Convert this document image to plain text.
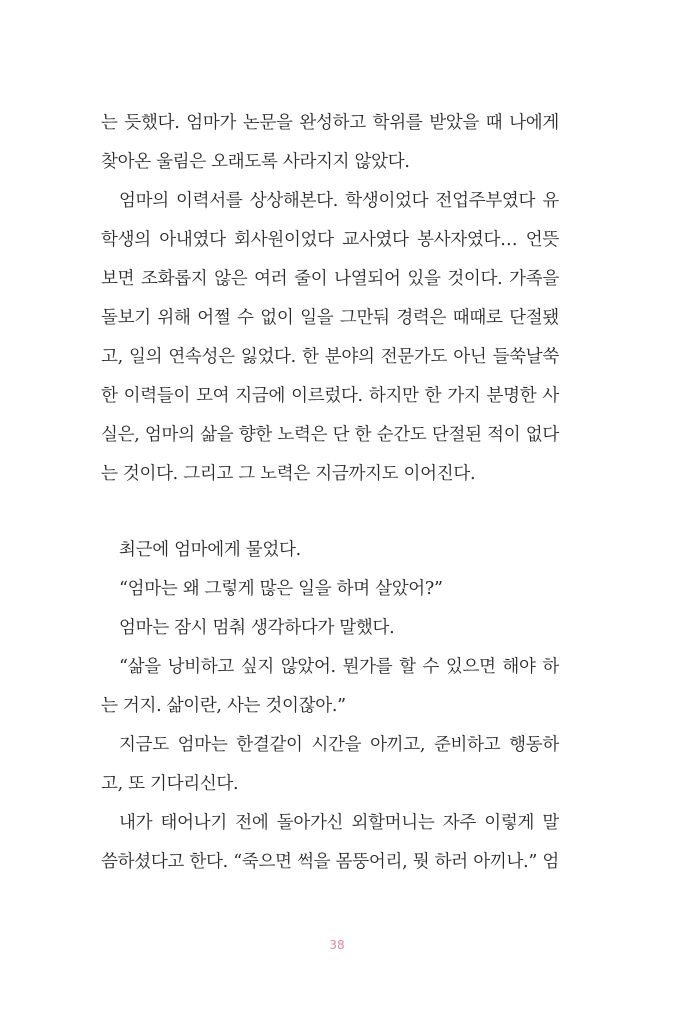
는 듯했다. 엄마가 논문을 완성하고 학위를 받았을 때 나에게
찾아온 울림은 오래도록 사라지지 않았다.
엄마의 이력서를 상상해본다. 학생이었다 전업주부였다 유
학생의 아내였다 회사원이었다 교사였다 봉사자였다… 언뜻
보면 조화롭지 않은 여러 줄이 나열되어 있을 것이다. 가족을
돌보기 위해 어쩔 수 없이 일을 그만둬 경력은 때때로 단절됐
고, 일의 연속성은 잃었다. 한 분야의 전문가도 아닌 들쑥날쑥
한 이력들이 모여 지금에 이르렀다. 하지만 한 가지 분명한 사
실은, 엄마의 삶을 향한 노력은 단 한 순간도 단절된 적이 없다
는 것이다. 그리고 그 노력은 지금까지도 이어진다.
최근에 엄마에게 물었다.
“엄마는 왜 그렇게 많은 일을 하며 살았어?”
엄마는 잠시 멈춰 생각하다가 말했다.
“삶을 낭비하고 싶지 않았어. 뭔가를 할 수 있으면 해야 하
는 거지. 삶이란, 사는 것이잖아.”
지금도 엄마는 한결같이 시간을 아끼고, 준비하고 행동하
고, 또 기다리신다.
내가 태어나기 전에 돌아가신 외할머니는 자주 이렇게 말
씀하셨다고 한다. “죽으면 썩을 몸뚱어리, 뭣 하러 아끼나.” 엄
38
